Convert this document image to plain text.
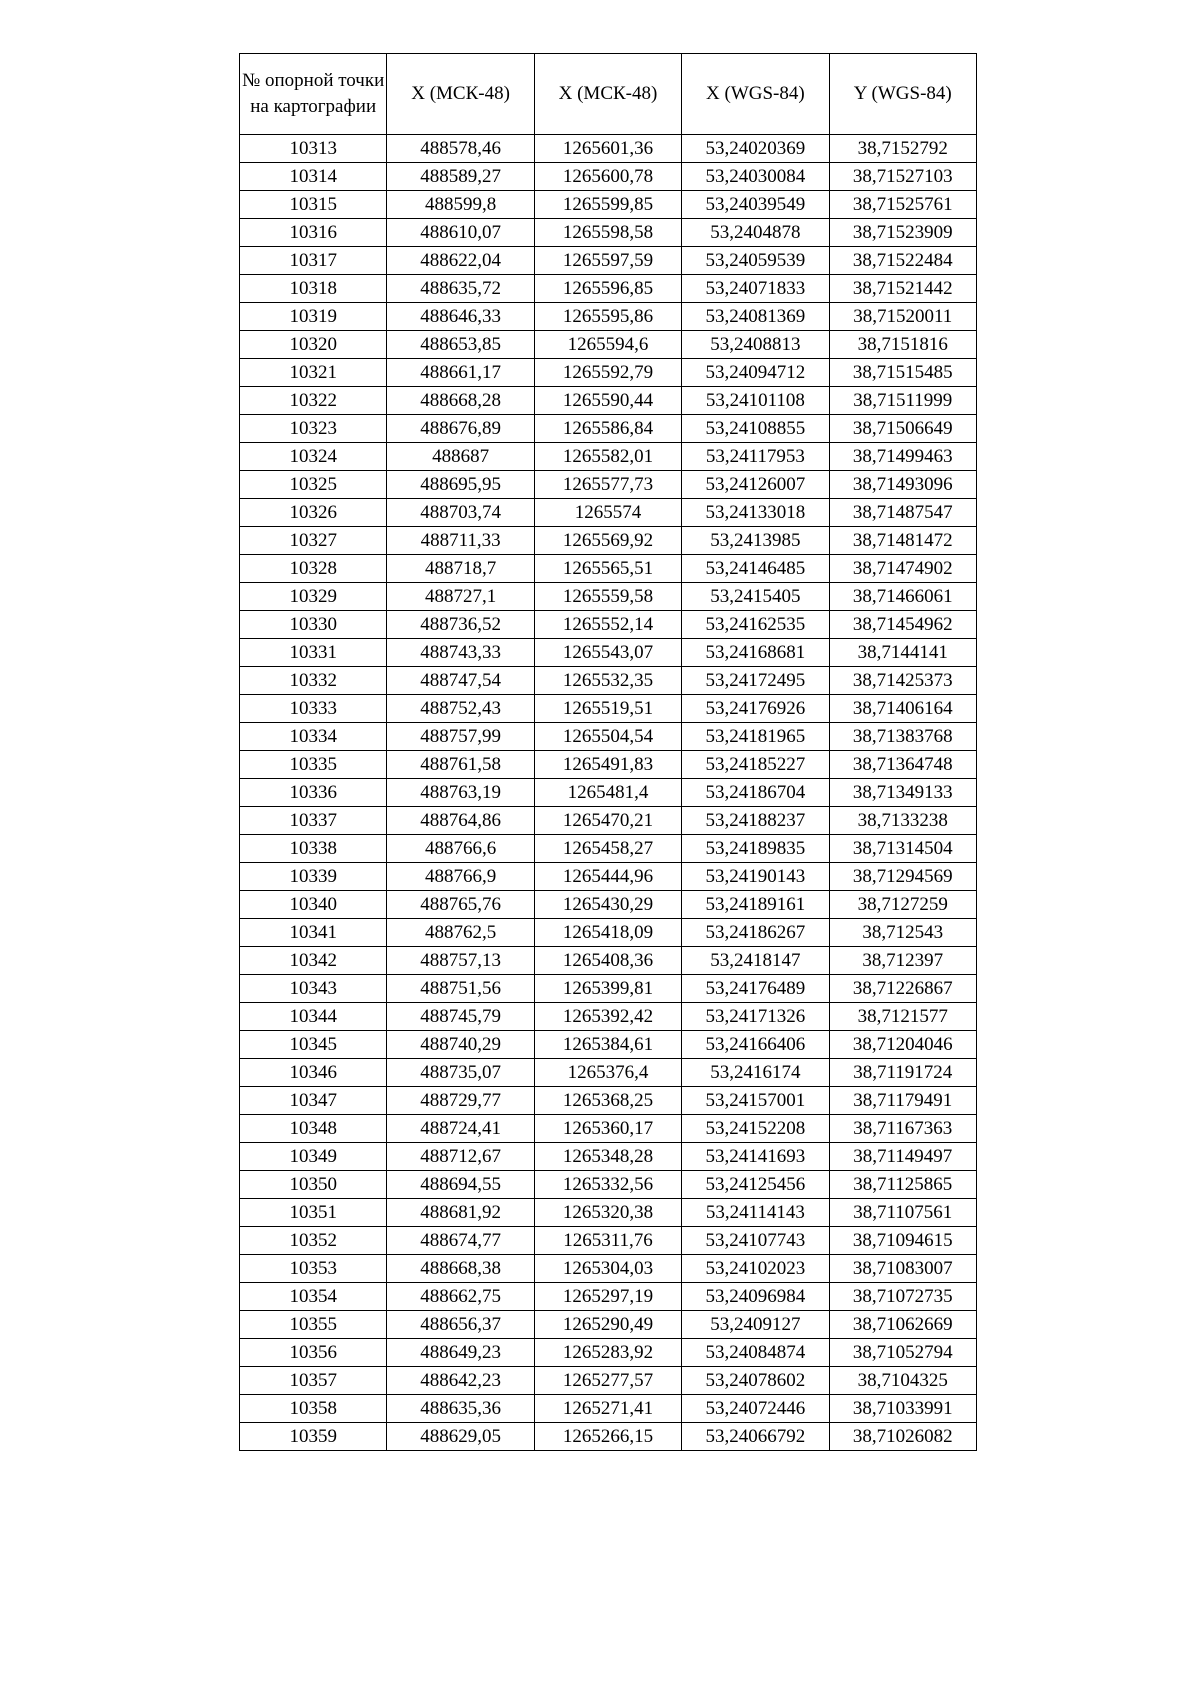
№ опорной точки на картографии	X (МСК-48)	X (МСК-48)	X (WGS-84)	Y (WGS-84)
10313	488578,46	1265601,36	53,24020369	38,7152792
10314	488589,27	1265600,78	53,24030084	38,71527103
10315	488599,8	1265599,85	53,24039549	38,71525761
10316	488610,07	1265598,58	53,2404878	38,71523909
10317	488622,04	1265597,59	53,24059539	38,71522484
10318	488635,72	1265596,85	53,24071833	38,71521442
10319	488646,33	1265595,86	53,24081369	38,71520011
10320	488653,85	1265594,6	53,2408813	38,7151816
10321	488661,17	1265592,79	53,24094712	38,71515485
10322	488668,28	1265590,44	53,24101108	38,71511999
10323	488676,89	1265586,84	53,24108855	38,71506649
10324	488687	1265582,01	53,24117953	38,71499463
10325	488695,95	1265577,73	53,24126007	38,71493096
10326	488703,74	1265574	53,24133018	38,71487547
10327	488711,33	1265569,92	53,2413985	38,71481472
10328	488718,7	1265565,51	53,24146485	38,71474902
10329	488727,1	1265559,58	53,2415405	38,71466061
10330	488736,52	1265552,14	53,24162535	38,71454962
10331	488743,33	1265543,07	53,24168681	38,7144141
10332	488747,54	1265532,35	53,24172495	38,71425373
10333	488752,43	1265519,51	53,24176926	38,71406164
10334	488757,99	1265504,54	53,24181965	38,71383768
10335	488761,58	1265491,83	53,24185227	38,71364748
10336	488763,19	1265481,4	53,24186704	38,71349133
10337	488764,86	1265470,21	53,24188237	38,7133238
10338	488766,6	1265458,27	53,24189835	38,71314504
10339	488766,9	1265444,96	53,24190143	38,71294569
10340	488765,76	1265430,29	53,24189161	38,7127259
10341	488762,5	1265418,09	53,24186267	38,712543
10342	488757,13	1265408,36	53,2418147	38,712397
10343	488751,56	1265399,81	53,24176489	38,71226867
10344	488745,79	1265392,42	53,24171326	38,7121577
10345	488740,29	1265384,61	53,24166406	38,71204046
10346	488735,07	1265376,4	53,2416174	38,71191724
10347	488729,77	1265368,25	53,24157001	38,71179491
10348	488724,41	1265360,17	53,24152208	38,71167363
10349	488712,67	1265348,28	53,24141693	38,71149497
10350	488694,55	1265332,56	53,24125456	38,71125865
10351	488681,92	1265320,38	53,24114143	38,71107561
10352	488674,77	1265311,76	53,24107743	38,71094615
10353	488668,38	1265304,03	53,24102023	38,71083007
10354	488662,75	1265297,19	53,24096984	38,71072735
10355	488656,37	1265290,49	53,2409127	38,71062669
10356	488649,23	1265283,92	53,24084874	38,71052794
10357	488642,23	1265277,57	53,24078602	38,7104325
10358	488635,36	1265271,41	53,24072446	38,71033991
10359	488629,05	1265266,15	53,24066792	38,71026082
